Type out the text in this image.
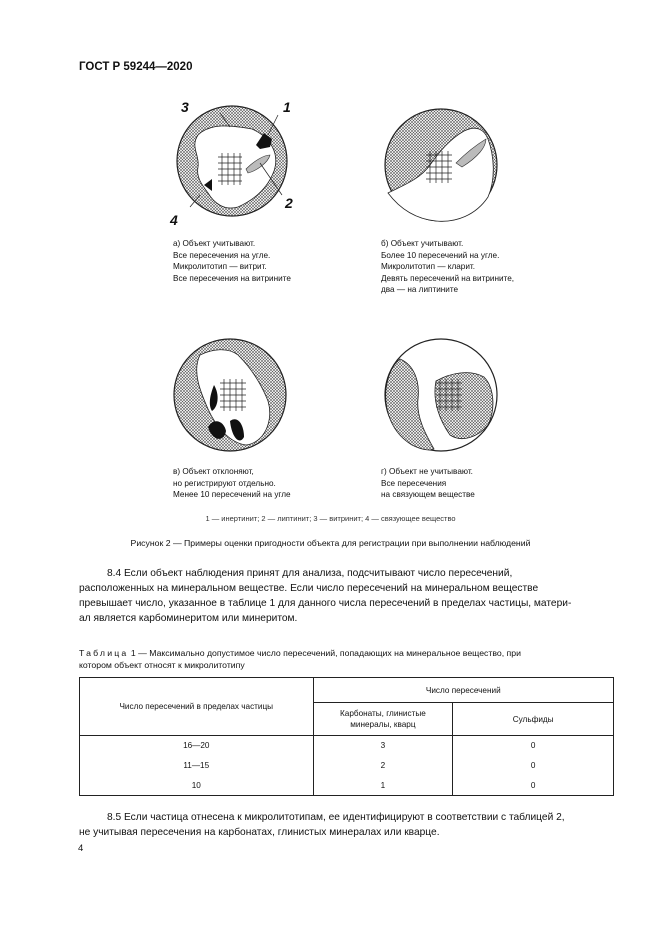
ГОСТ Р 59244—2020
3	1
2
4
а) Объект учитывают.
Все пересечения на угле.
Микролитотип — витрит.
Все пересечения на витрините
б) Объект учитывают.
Более 10 пересечений на угле.
Микролитотип — кларит.
Девять пересечений на витрините,
два — на липтините
в) Объект отклоняют,
но регистрируют отдельно.
Менее 10 пересечений на угле
г) Объект не учитывают.
Все пересечения
на связующем веществе
1 — инертинит; 2 — липтинит; 3 — витринит; 4 — связующее вещество
Рисунок 2 — Примеры оценки пригодности объекта для регистрации при выполнении наблюдений
8.4 Если объект наблюдения принят для анализа, подсчитывают число пересечений,
расположенных на минеральном веществе. Если число пересечений на минеральном веществе
превышает число, указанное в таблице 1 для данного числа пересечений в пределах частицы, матери-
ал является карбоминеритом или минеритом.
Таблица 1 — Максимально допустимое число пересечений, попадающих на минеральное вещество, при
котором объект относят к микролитотипу
Число пересечений в пределах частицы	Число пересечений	

	Карбонаты, глинистые
минералы, кварц	Сульфиды
16—20	3	0
11—15	2	0
10	1	0
8.5 Если частица отнесена к микролитотипам, ее идентифицируют в соответствии с таблицей 2,
не учитывая пересечения на карбонатах, глинистых минералах или кварце.
4
